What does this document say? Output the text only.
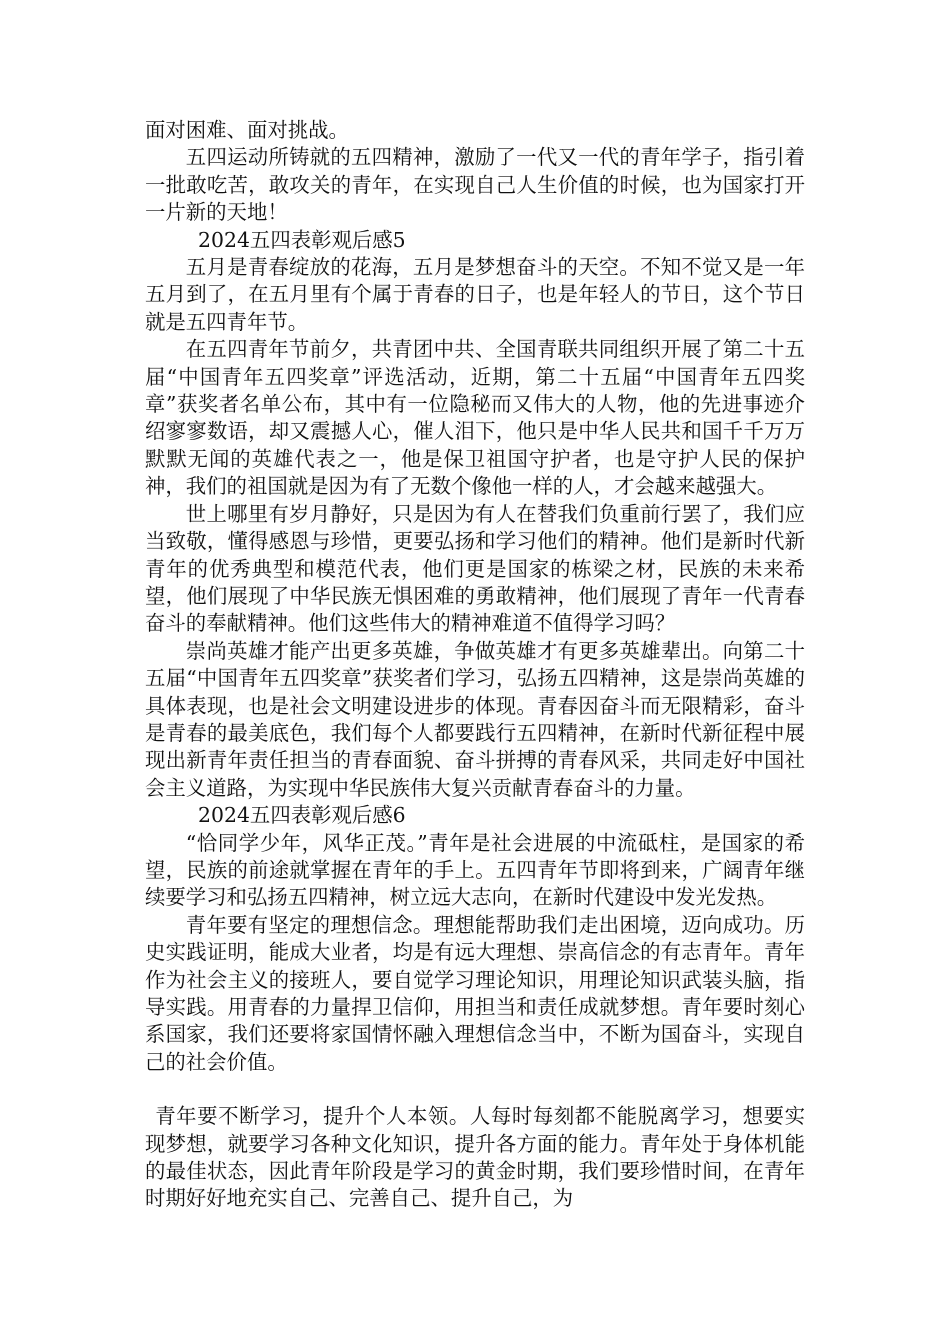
面对困难、面对挑战。

五四运动所铸就的五四精神，激励了一代又一代的青年学子，指引着一批敢吃苦，敢攻关的青年，在实现自己人生价值的时候，也为国家打开一片新的天地！

2024五四表彰观后感5

五月是青春绽放的花海，五月是梦想奋斗的天空。不知不觉又是一年五月到了，在五月里有个属于青春的日子，也是年轻人的节日，这个节日就是五四青年节。

在五四青年节前夕，共青团中共、全国青联共同组织开展了第二十五届“中国青年五四奖章”评选活动，近期，第二十五届“中国青年五四奖章”获奖者名单公布，其中有一位隐秘而又伟大的人物，他的先进事迹介绍寥寥数语，却又震撼人心，催人泪下，他只是中华人民共和国千千万万默默无闻的英雄代表之一，他是保卫祖国守护者，也是守护人民的保护神，我们的祖国就是因为有了无数个像他一样的人，才会越来越强大。

世上哪里有岁月静好，只是因为有人在替我们负重前行罢了，我们应当致敬，懂得感恩与珍惜，更要弘扬和学习他们的精神。他们是新时代新青年的优秀典型和模范代表，他们更是国家的栋梁之材，民族的未来希望，他们展现了中华民族无惧困难的勇敢精神，他们展现了青年一代青春奋斗的奉献精神。他们这些伟大的精神难道不值得学习吗？

崇尚英雄才能产出更多英雄，争做英雄才有更多英雄辈出。向第二十五届“中国青年五四奖章”获奖者们学习，弘扬五四精神，这是崇尚英雄的具体表现，也是社会文明建设进步的体现。青春因奋斗而无限精彩，奋斗是青春的最美底色，我们每个人都要践行五四精神，在新时代新征程中展现出新青年责任担当的青春面貌、奋斗拼搏的青春风采，共同走好中国社会主义道路，为实现中华民族伟大复兴贡献青春奋斗的力量。

2024五四表彰观后感6

“恰同学少年，风华正茂。”青年是社会进展的中流砥柱，是国家的希望，民族的前途就掌握在青年的手上。五四青年节即将到来，广阔青年继续要学习和弘扬五四精神，树立远大志向，在新时代建设中发光发热。

青年要有坚定的理想信念。理想能帮助我们走出困境，迈向成功。历史实践证明，能成大业者，均是有远大理想、崇高信念的有志青年。青年作为社会主义的接班人，要自觉学习理论知识，用理论知识武装头脑，指导实践。用青春的力量捍卫信仰，用担当和责任成就梦想。青年要时刻心系国家，我们还要将家国情怀融入理想信念当中，不断为国奋斗，实现自己的社会价值。

青年要不断学习，提升个人本领。人每时每刻都不能脱离学习，想要实现梦想，就要学习各种文化知识，提升各方面的能力。青年处于身体机能的最佳状态，因此青年阶段是学习的黄金时期，我们要珍惜时间，在青年时期好好地充实自己、完善自己、提升自己，为
